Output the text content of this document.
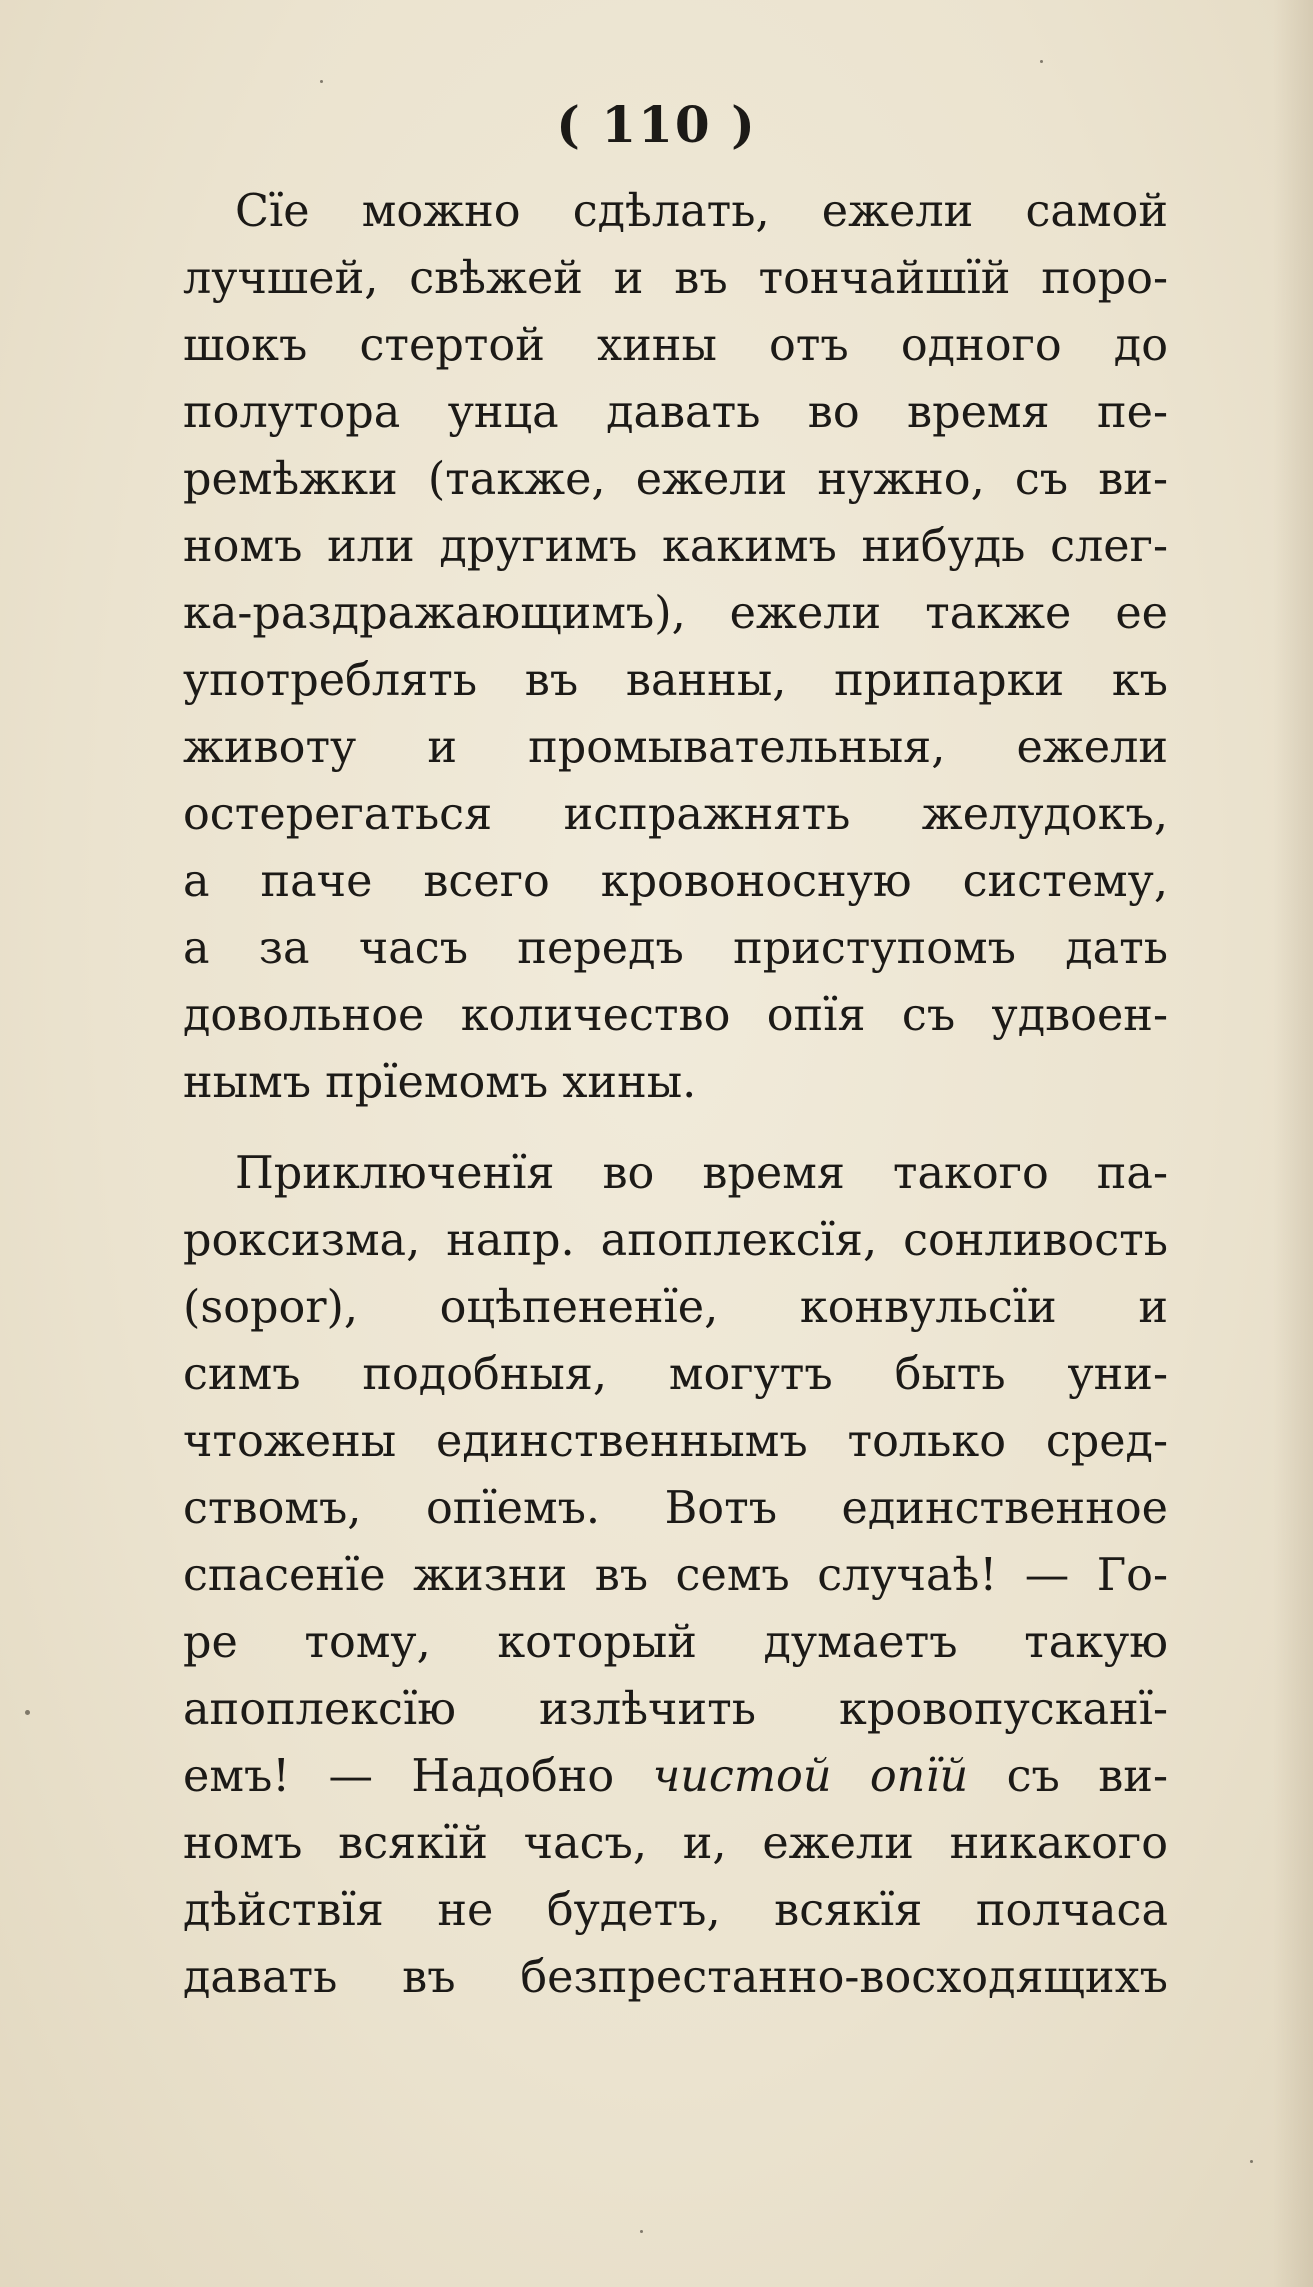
( 110 )
Сïе можно сдѣлать, ежели самой
лучшей, свѣжей и въ тончайшïй поро-
шокъ стертой хины отъ одного до
полутора унца давать во время пе-
ремѣжки (также, ежели нужно, съ ви-
номъ или другимъ какимъ нибудь слег-
ка-раздражающимъ), ежели также ее
употреблять въ ванны, припарки къ
животу и промывательныя, ежели
остерегаться испражнять желудокъ,
а паче всего кровоносную систему,
а за часъ передъ приступомъ дать
довольное количество опïя съ удвоен-
нымъ прïемомъ хины.
Приключенïя во время такого па-
роксизма, напр. апоплексïя, сонливость
(sopor), оцѣпененïе, конвульсïи и
симъ подобныя, могутъ быть уни-
чтожены единственнымъ только сред-
ствомъ, опïемъ. Вотъ единственное
спасенïе жизни въ семъ случаѣ! — Го-
ре тому, который думаетъ такую
апоплексïю излѣчить кровопусканï-
емъ! — Надобно чистой опïй съ ви-
номъ всякïй часъ, и, ежели никакого
дѣйствïя не будетъ, всякïя полчаса
давать въ безпрестанно-восходящихъ
